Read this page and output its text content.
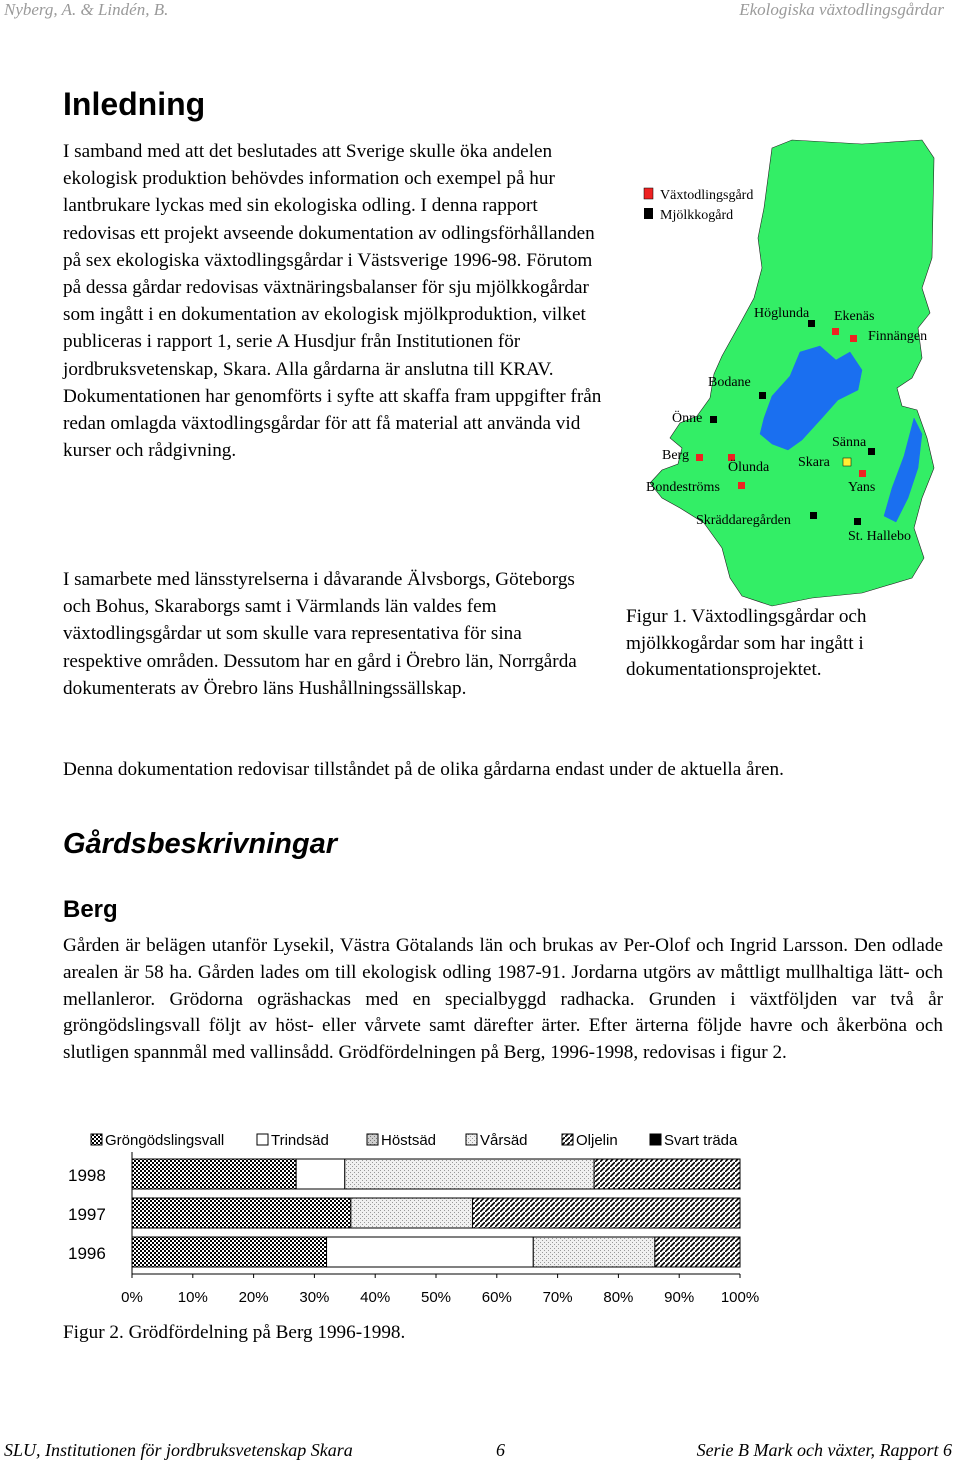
Nyberg, A. & Lindén, B.	Ekologiska växtodlingsgårdar
Inledning
I samband med att det beslutades att Sverige skulle öka andelen ekologisk produktion behövdes information och exempel på hur lantbrukare lyckas med sin ekologiska odling. I denna rapport redovisas ett projekt avseende dokumentation av odlingsförhållanden på sex ekologiska växtodlingsgårdar i Västsverige 1996-98. Förutom på dessa gårdar redovisas växtnäringsbalanser för sju mjölkkogårdar som ingått i en dokumentation av ekologisk mjölkproduktion, vilket publiceras i rapport 1, serie A Husdjur från Institutionen för jordbruksvetenskap, Skara. Alla gårdarna är anslutna till KRAV. Dokumentationen har genomförts i syfte att skaffa fram uppgifter från redan omlagda växtodlingsgårdar för att få material att använda vid kurser och rådgivning.
I samarbete med länsstyrelserna i dåvarande Älvsborgs, Göteborgs och Bohus, Skaraborgs samt i Värmlands län valdes fem växtodlingsgårdar ut som skulle vara representativa för sina respektive områden. Dessutom har en gård i Örebro län, Norrgårda dokumenterats av Örebro läns Hushållningssällskap.
Denna dokumentation redovisar tillståndet på de olika gårdarna endast under de aktuella åren.
Växtodlingsgård
Mjölkkogård
Höglunda Ekenäs
Finnängen
Bodane
Önne
Sänna
Berg
Ölunda Skara
Bondeströms	Yans
Skräddaregården
St. Hallebo
Figur 1. Växtodlingsgårdar och mjölkkogårdar som har ingått i dokumentationsprojektet.
Gårdsbeskrivningar
Berg
Gården är belägen utanför Lysekil, Västra Götalands län och brukas av Per-Olof och Ingrid Larsson. Den odlade arealen är 58 ha. Gården lades om till ekologisk odling 1987-91. Jordarna utgörs av måttligt mullhaltiga lätt- och mellanleror. Grödorna ogräshackas med en specialbyggd radhacka. Grunden i växtföljden var två år gröngödslingsvall följt av höst- eller vårvete samt därefter ärter. Efter ärterna följde havre och åkerböna och slutligen spannmål med vallinsådd. Grödfördelningen på Berg, 1996-1998, redovisas i figur 2.
Gröngödslingsvall	Trindsäd	Höstsäd	Vårsäd	Oljelin	Svart träda
1998
1997
1996
0% 10% 20% 30% 40% 50% 60% 70% 80% 90% 100%
Figur 2. Grödfördelning på Berg 1996-1998.
SLU, Institutionen för jordbruksvetenskap Skara	6	Serie B Mark och växter, Rapport 6
